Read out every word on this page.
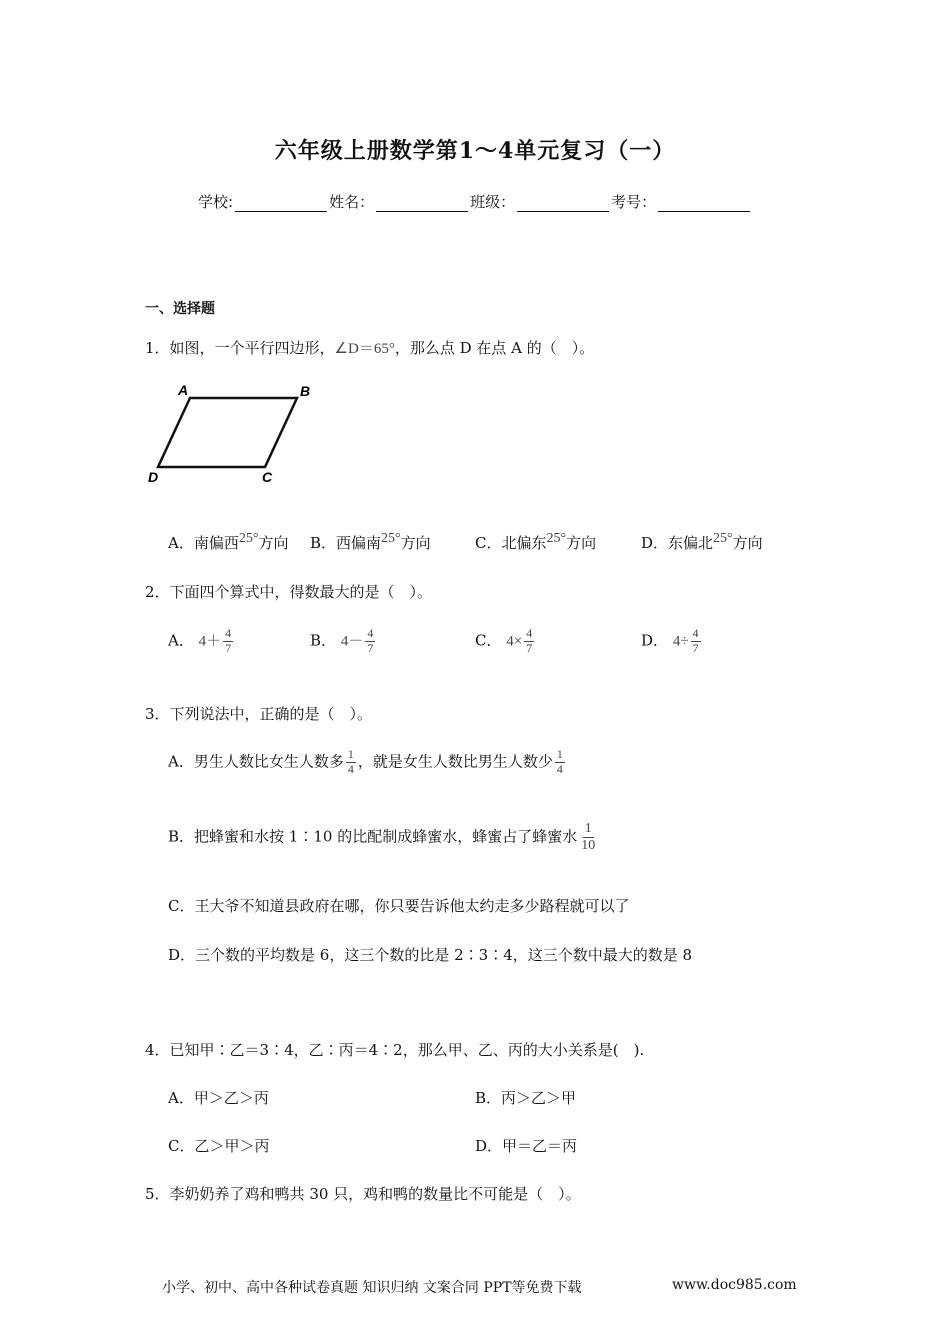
六年级上册数学第1～4单元复习（一）
学校:	姓名：	班级：	考号：
一、选择题
1．如图，一个平行四边形，∠D＝65°，那么点 D 在点 A 的（　）。
A	B
C
D
A．南偏西25°方向 B．西偏南25°方向	C．北偏东25°方向	D．东偏北25°方向
2．下面四个算式中，得数最大的是（　）。
A． $4+ \frac{4}{7}$	B． $4- \frac{4}{7}$	C． $4\times \frac{4}{7}$	D． $4\div \frac{4}{7}$
3．下列说法中，正确的是（　）。
A．男生人数比女生人数多 $\frac{1}{4}$ ，就是女生人数比男生人数少 $\frac{1}{4}$
B．把蜂蜜和水按 1∶10 的比配制成蜂蜜水，蜂蜜占了蜂蜜水 $\frac{1}{10}$
C．王大爷不知道县政府在哪，你只要告诉他太约走多少路程就可以了
D．三个数的平均数是 6，这三个数的比是 2∶3∶4，这三个数中最大的数是 8
4．已知甲∶乙＝3∶4，乙∶丙＝4∶2，那么甲、乙、丙的大小关系是(　).
A．甲＞乙＞丙	B．丙＞乙＞甲
C．乙＞甲＞丙	D．甲＝乙＝丙
5．李奶奶养了鸡和鸭共 30 只，鸡和鸭的数量比不可能是（　）。
小学、初中、高中各种试卷真题 知识归纳 文案合同 PPT等免费下载	www.doc985.com
